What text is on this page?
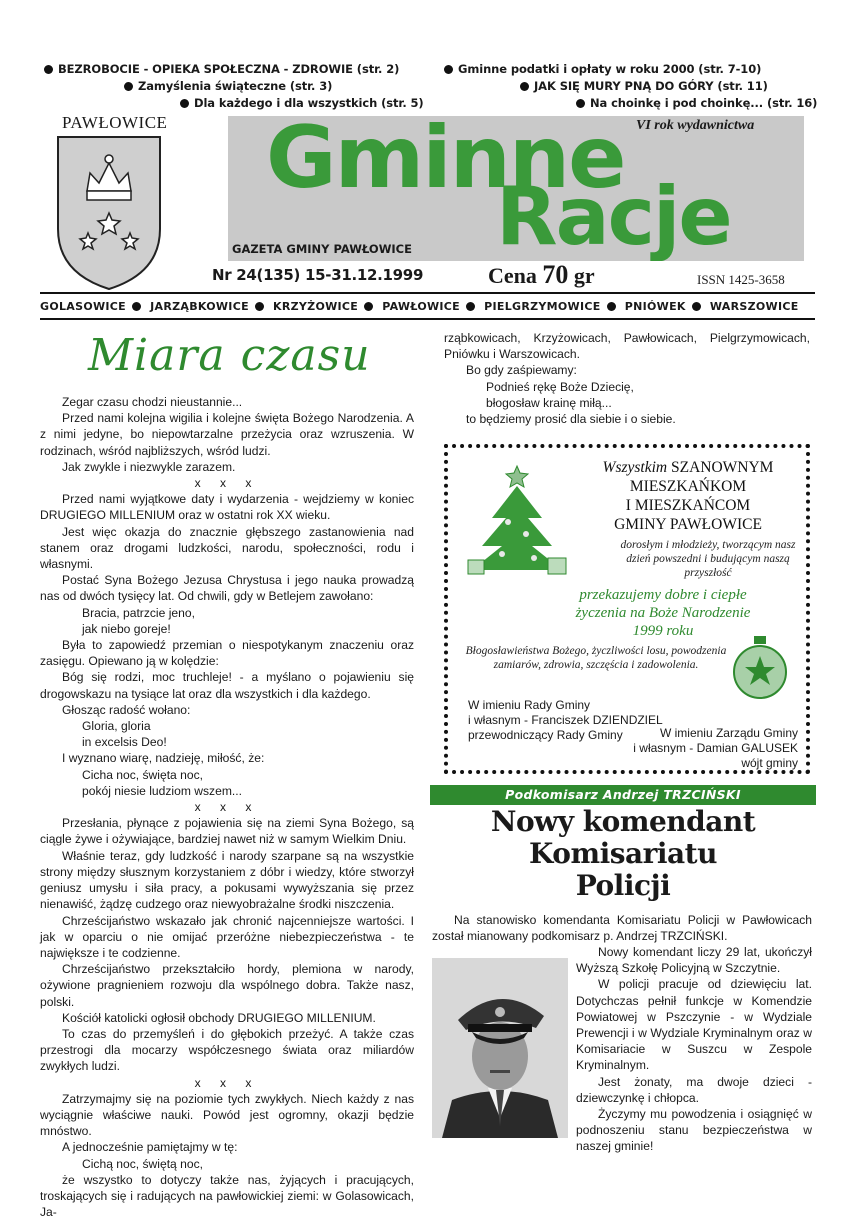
BEZROBOCIE - OPIEKA SPOŁECZNA - ZDROWIE (str. 2)
Zamyślenia świąteczne (str. 3)
Dla każdego i dla wszystkich (str. 5)
Gminne podatki i opłaty w roku 2000 (str. 7-10)
JAK SIĘ MURY PNĄ DO GÓRY (str. 11)
Na choinkę i pod choinkę... (str. 16)
PAWŁOWICE Gminne
Racje
VI rok wydawnictwa
GAZETA GMINY PAWŁOWICE
Nr 24(135) 15-31.12.1999	Cena 70 gr	ISSN 1425-3658
GOLASOWICE JARZĄBKOWICE KRZYŻOWICE PAWŁOWICE PIELGRZYMOWICE PNIÓWEK WARSZOWICE
Miara czasu

Zegar czasu chodzi nieustannie...

Przed nami kolejna wigilia i kolejne święta Bożego Narodzenia. A z nimi jedyne, bo niepowtarzalne przeżycia oraz wzruszenia. W rodzinach, wśród najbliższych, wśród ludzi.

Jak zwykle i niezwykle zarazem.

x x x

Przed nami wyjątkowe daty i wydarzenia - wejdziemy w koniec DRUGIEGO MILLENIUM oraz w ostatni rok XX wieku.

Jest więc okazja do znacznie głębszego zastanowienia nad stanem oraz drogami ludzkości, narodu, społeczności, rodu i własnymi.

Postać Syna Bożego Jezusa Chrystusa i jego nauka prowadzą nas od dwóch tysięcy lat. Od chwili, gdy w Betlejem zawołano:

Bracia, patrzcie jeno,

jak niebo goreje!

Była to zapowiedź przemian o niespotykanym znaczeniu oraz zasięgu. Opiewano ją w kolędzie:

Bóg się rodzi, moc truchleje! - a myślano o pojawieniu się drogowskazu na tysiące lat oraz dla wszystkich i dla każdego.

Głosząc radość wołano:

Gloria, gloria

in excelsis Deo!

I wyznano wiarę, nadzieję, miłość, że:

Cicha noc, święta noc,

pokój niesie ludziom wszem...

x x x

Przesłania, płynące z pojawienia się na ziemi Syna Bożego, są ciągle żywe i ożywiające, bardziej nawet niż w samym Wielkim Dniu.

Właśnie teraz, gdy ludzkość i narody szarpane są na wszystkie strony między słusznym korzystaniem z dóbr i wiedzy, które stworzył geniusz umysłu i siła pracy, a pokusami wywyższania się przez nienawiść, żądzę cudzego oraz niewyobrażalne środki niszczenia.

Chrześcijaństwo wskazało jak chronić najcenniejsze wartości. I jak w oparciu o nie omijać przeróżne niebezpieczeństwa - te największe i te codzienne.

Chrześcijaństwo przekształciło hordy, plemiona w narody, ożywione pragnieniem rozwoju dla wspólnego dobra. Także nasz, polski.

Kościół katolicki ogłosił obchody DRUGIEGO MILLENIUM.

To czas do przemyśleń i do głębokich przeżyć. A także czas przestrogi dla mocarzy współczesnego świata oraz miliardów zwykłych ludzi.

x x x

Zatrzymajmy się na poziomie tych zwykłych. Niech każdy z nas wyciągnie właściwe nauki. Powód jest ogromny, okazji będzie mnóstwo.

A jednocześnie pamiętajmy w tę:

Cichą noc, świętą noc,

że wszystko to dotyczy także nas, żyjących i pracujących, troskających się i radujących na pawłowickiej ziemi: w Golasowicach, Ja-

rząbkowicach, Krzyżowicach, Pawłowicach, Pielgrzymowicach, Pniówku i Warszowicach.

Bo gdy zaśpiewamy:

Podnieś rękę Boże Dziecię,

błogosław krainę miłą...

to będziemy prosić dla siebie i o siebie.

Wszystkim SZANOWNYM
MIESZKAŃKOM
I MIESZKAŃCOM
GMINY PAWŁOWICE
dorosłym i młodzieży, tworzącym nasz dzień powszedni i budującym naszą przyszłość
przekazujemy dobre i ciepłe
życzenia na Boże Narodzenie
1999 roku
Błogosławieństwa Bożego, życzliwości losu, powodzenia zamiarów, zdrowia, szczęścia i zadowolenia.
W imieniu Rady Gminy
i własnym - Franciszek DZIENDZIEL
przewodniczący Rady Gminy	W imieniu Zarządu Gminy
i własnym - Damian GALUSEK
wójt gminy
Podkomisarz Andrzej TRZCIŃSKI
Nowy komendant
Komisariatu
Policji

Na stanowisko komendanta Komisariatu Policji w Pawłowicach został mianowany podkomisarz p. Andrzej TRZCIŃSKI.

Nowy komendant liczy 29 lat, ukończył Wyższą Szkołę Policyjną w Szczytnie.

W policji pracuje od dziewięciu lat. Dotychczas pełnił funkcje w Komendzie Powiatowej w Pszczynie - w Wydziale Prewencji i w Wydziale Kryminalnym oraz w Komisariacie w Suszcu w Zespole Kryminalnym.

Jest żonaty, ma dwoje dzieci - dziewczynkę i chłopca.

Życzymy mu powodzenia i osiągnięć w podnoszeniu stanu bezpieczeństwa w naszej gminie!
